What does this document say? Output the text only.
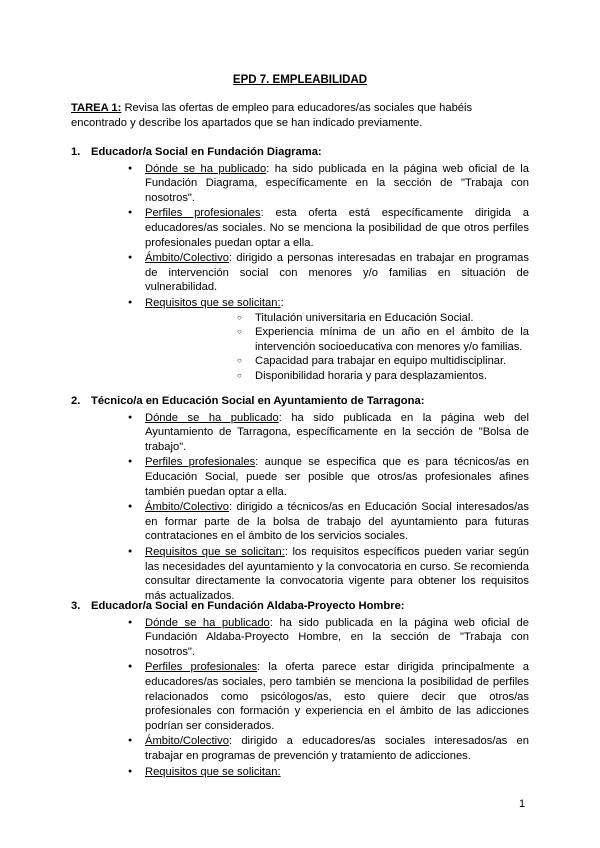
EPD 7. EMPLEABILIDAD
TAREA 1: Revisa las ofertas de empleo para educadores/as sociales que habéis encontrado y describe los apartados que se han indicado previamente.
1. Educador/a Social en Fundación Diagrama:
● Dónde se ha publicado: ha sido publicada en la página web oficial de la Fundación Diagrama, específicamente en la sección de "Trabaja con nosotros".
● Perfiles profesionales: esta oferta está específicamente dirigida a educadores/as sociales. No se menciona la posibilidad de que otros perfiles profesionales puedan optar a ella.
● Ámbito/Colectivo: dirigido a personas interesadas en trabajar en programas de intervención social con menores y/o familias en situación de vulnerabilidad.
● Requisitos que se solicitan::
○ Titulación universitaria en Educación Social.
○ Experiencia mínima de un año en el ámbito de la intervención socioeducativa con menores y/o familias.
○ Capacidad para trabajar en equipo multidisciplinar.
○ Disponibilidad horaria y para desplazamientos.
2. Técnico/a en Educación Social en Ayuntamiento de Tarragona:
● Dónde se ha publicado: ha sido publicada en la página web del Ayuntamiento de Tarragona, específicamente en la sección de "Bolsa de trabajo".
● Perfiles profesionales: aunque se especifica que es para técnicos/as en Educación Social, puede ser posible que otros/as profesionales afines también puedan optar a ella.
● Ámbito/Colectivo: dirigido a técnicos/as en Educación Social interesados/as en formar parte de la bolsa de trabajo del ayuntamiento para futuras contrataciones en el ámbito de los servicios sociales.
● Requisitos que se solicitan:: los requisitos específicos pueden variar según las necesidades del ayuntamiento y la convocatoria en curso. Se recomienda consultar directamente la convocatoria vigente para obtener los requisitos más actualizados.
3. Educador/a Social en Fundación Aldaba-Proyecto Hombre:
● Dónde se ha publicado: ha sido publicada en la página web oficial de Fundación Aldaba-Proyecto Hombre, en la sección de "Trabaja con nosotros".
● Perfiles profesionales: la oferta parece estar dirigida principalmente a educadores/as sociales, pero también se menciona la posibilidad de perfiles relacionados como psicólogos/as, esto quiere decir que otros/as profesionales con formación y experiencia en el ámbito de las adicciones podrían ser considerados.
● Ámbito/Colectivo: dirigido a educadores/as sociales interesados/as en trabajar en programas de prevención y tratamiento de adicciones.
● Requisitos que se solicitan:
1
